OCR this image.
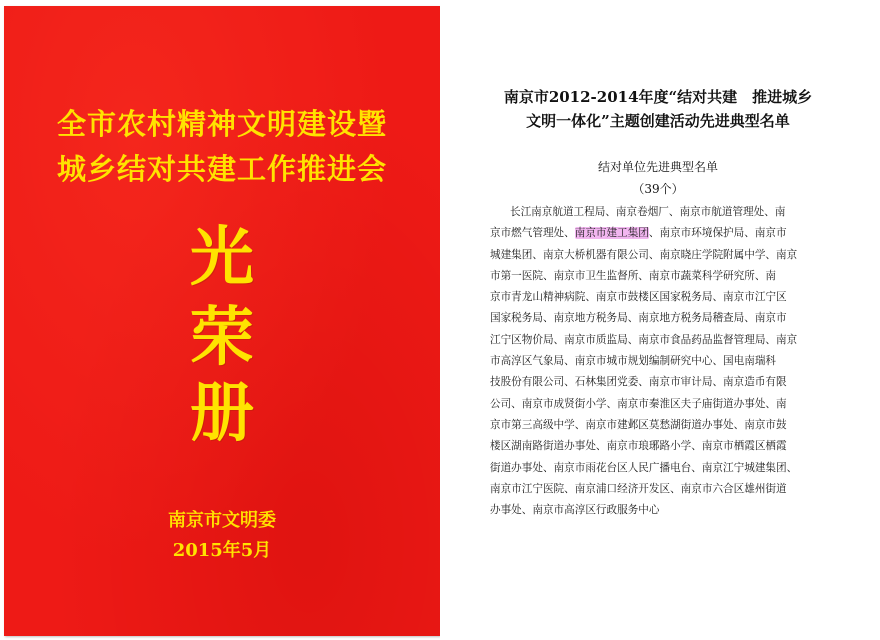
全市农村精神文明建设暨
城乡结对共建工作推进会
光
荣
册
南京市文明委
2015年5月
南京市2012-2014年度“结对共建　推进城乡
文明一体化”主题创建活动先进典型名单
结对单位先进典型名单
（39个）
长江南京航道工程局、南京卷烟厂、南京市航道管理处、南
京市燃气管理处、南京市建工集团、南京市环境保护局、南京市
城建集团、南京大桥机器有限公司、南京晓庄学院附属中学、南京
市第一医院、南京市卫生监督所、南京市蔬菜科学研究所、南
京市青龙山精神病院、南京市鼓楼区国家税务局、南京市江宁区
国家税务局、南京地方税务局、南京地方税务局稽查局、南京市
江宁区物价局、南京市质监局、南京市食品药品监督管理局、南京
市高淳区气象局、南京市城市规划编制研究中心、国电南瑞科
技股份有限公司、石林集团党委、南京市审计局、南京造币有限
公司、南京市成贤街小学、南京市秦淮区夫子庙街道办事处、南
京市第三高级中学、南京市建邺区莫愁湖街道办事处、南京市鼓
楼区湖南路街道办事处、南京市琅琊路小学、南京市栖霞区栖霞
街道办事处、南京市雨花台区人民广播电台、南京江宁城建集团、
南京市江宁医院、南京浦口经济开发区、南京市六合区雄州街道
办事处、南京市高淳区行政服务中心
